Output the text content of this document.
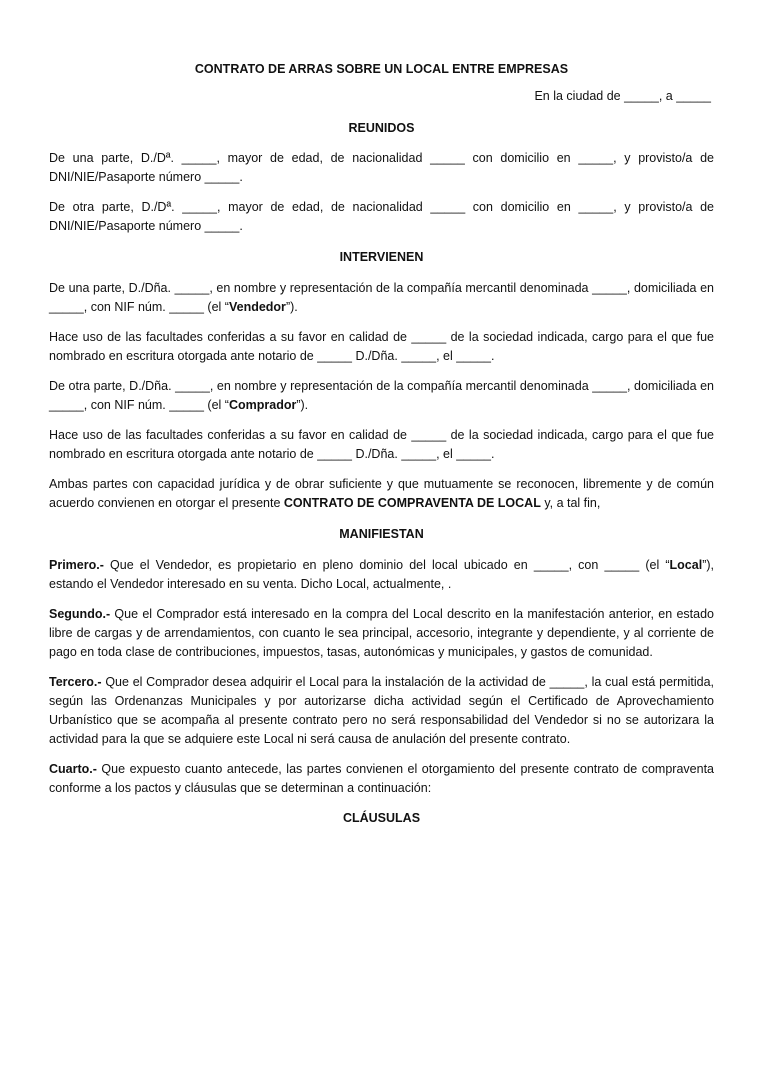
CONTRATO DE ARRAS SOBRE UN LOCAL ENTRE EMPRESAS
En la ciudad de _____, a _____
REUNIDOS

De una parte, D./Dª. _____, mayor de edad, de nacionalidad _____ con domicilio en _____, y provisto/a de DNI/NIE/Pasaporte número _____.

De otra parte, D./Dª. _____, mayor de edad, de nacionalidad _____ con domicilio en _____, y provisto/a de DNI/NIE/Pasaporte número _____.

INTERVIENEN

De una parte, D./Dña. _____, en nombre y representación de la compañía mercantil denominada _____, domiciliada en _____, con NIF núm. _____ (el “Vendedor”).

Hace uso de las facultades conferidas a su favor en calidad de _____ de la sociedad indicada, cargo para el que fue nombrado en escritura otorgada ante notario de _____ D./Dña. _____, el _____.

De otra parte, D./Dña. _____, en nombre y representación de la compañía mercantil denominada _____, domiciliada en _____, con NIF núm. _____ (el “Comprador”).

Hace uso de las facultades conferidas a su favor en calidad de _____ de la sociedad indicada, cargo para el que fue nombrado en escritura otorgada ante notario de _____ D./Dña. _____, el _____.

Ambas partes con capacidad jurídica y de obrar suficiente y que mutuamente se reconocen, libremente y de común acuerdo convienen en otorgar el presente CONTRATO DE COMPRAVENTA DE LOCAL y, a tal fin,

MANIFIESTAN

Primero.- Que el Vendedor, es propietario en pleno dominio del local ubicado en _____, con _____ (el “Local”), estando el Vendedor interesado en su venta. Dicho Local, actualmente, .

Segundo.- Que el Comprador está interesado en la compra del Local descrito en la manifestación anterior, en estado libre de cargas y de arrendamientos, con cuanto le sea principal, accesorio, integrante y dependiente, y al corriente de pago en toda clase de contribuciones, impuestos, tasas, autonómicas y municipales, y gastos de comunidad.

Tercero.- Que el Comprador desea adquirir el Local para la instalación de la actividad de _____, la cual está permitida, según las Ordenanzas Municipales y por autorizarse dicha actividad según el Certificado de Aprovechamiento Urbanístico que se acompaña al presente contrato pero no será responsabilidad del Vendedor si no se autorizara la actividad para la que se adquiere este Local ni será causa de anulación del presente contrato.

Cuarto.- Que expuesto cuanto antecede, las partes convienen el otorgamiento del presente contrato de compraventa conforme a los pactos y cláusulas que se determinan a continuación:

CLÁUSULAS
